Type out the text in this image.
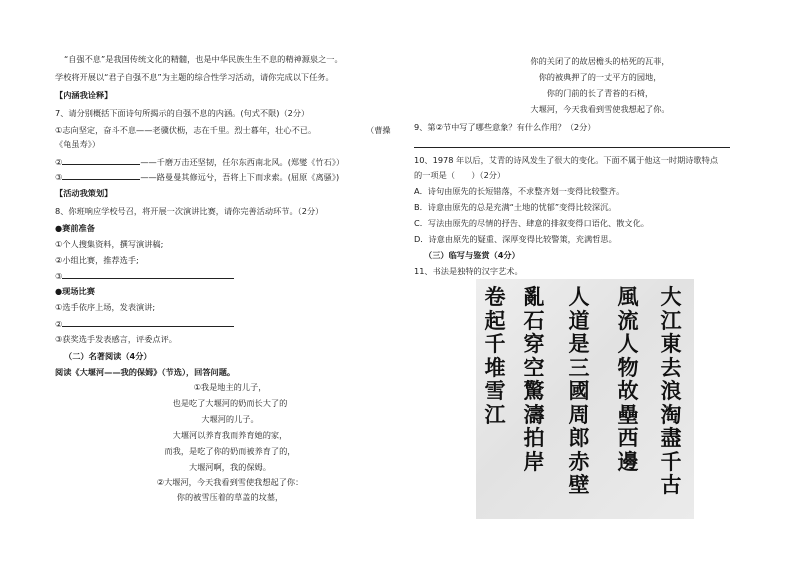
“自强不息”是我国传统文化的精髓，也是中华民族生生不息的精神源泉之一。
学校将开展以“君子自强不息”为主题的综合性学习活动，请你完成以下任务。
【内涵我诠释】
7、请分别概括下面诗句所揭示的自强不息的内涵。(句式不限)（2分）
①志向坚定，奋斗不息——老骥伏枥，志在千里。烈士暮年，壮心不已。	（曹操
《龟虽寿》）
②	——千磨万击还坚韧，任尔东西南北风。(郑燮《竹石》）
③	——路曼曼其修远兮，吾将上下而求索。(屈原《离骚》)
【活动我策划】
8、你班响应学校号召，将开展一次演讲比赛，请你完善活动环节。（2分）
●赛前准备
①个人搜集资料，撰写演讲稿;
②小组比赛，推荐选手;
③
●现场比赛
①选手依序上场，发表演讲;
②
③获奖选手发表感言，评委点评。
（二）名著阅读（4分）
阅读《大堰河——我的保姆》（节选），回答问题。
①我是地主的儿子，
也是吃了大堰河的奶而长大了的
大堰河的儿子。
大堰河以养育我而养育她的家，
而我，是吃了你的奶而被养育了的，
大堰河啊，我的保姆。
②大堰河，今天我看到雪使我想起了你：
你的被雪压着的草盖的坟墓，
你的关闭了的故居檐头的枯死的瓦菲，
你的被典押了的一丈平方的园地，
你的门前的长了青苔的石椅，
大堰河，今天我看到雪使我想起了你。
9、第②节中写了哪些意象？有什么作用？（2分）
10、1978 年以后，艾青的诗风发生了很大的变化。下面不属于他这一时期诗歌特点
的一项是（　　）（2分）
A．诗句由原先的长短错落，不求整齐划一变得比较整齐。
B．诗意由原先的总是充满“土地的忧郁”变得比较深沉。
C．写法由原先的尽情的抒告、肆意的排叙变得口语化、散文化。
D．诗意由原先的疑重、深厚变得比较警策，充满哲思。
（三）临写与鉴赏（4分）
11、书法是独特的汉字艺术。
大
江
東
去
浪
淘
盡
千
古
風
流
人
物
故
壘
西
邊
人
道
是
三
國
周
郎
赤
壁
亂
石
穿
空
驚
濤
拍
岸
卷
起
千
堆
雪
江
